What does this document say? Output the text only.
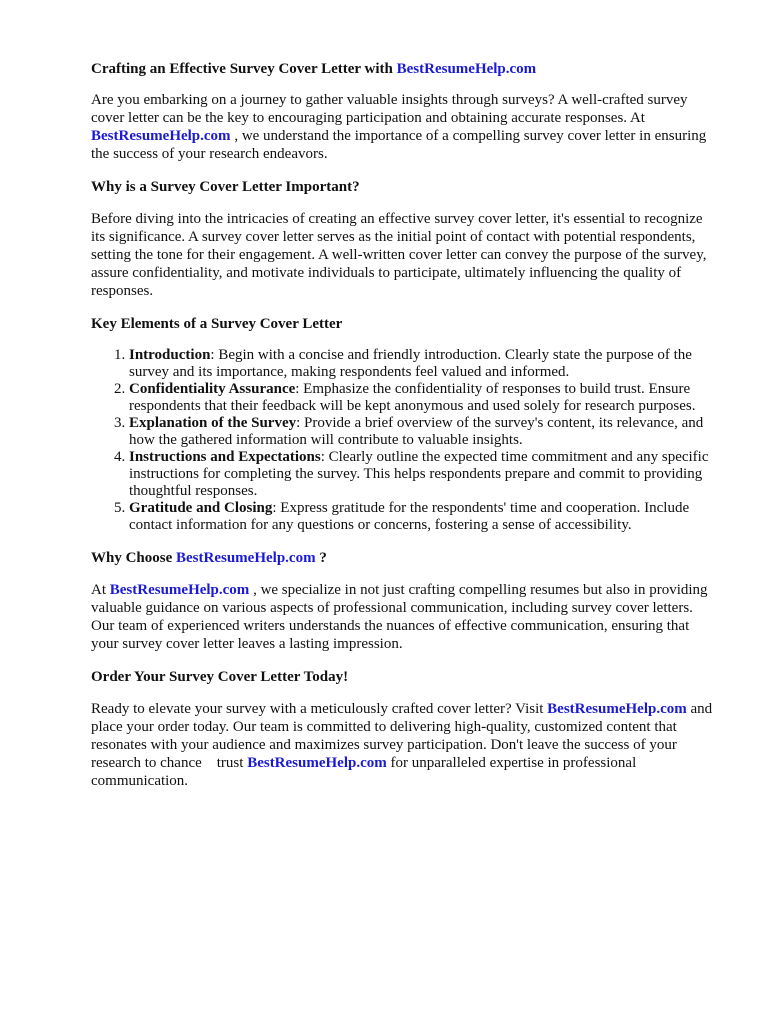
Crafting an Effective Survey Cover Letter with BestResumeHelp.com

Are you embarking on a journey to gather valuable insights through surveys? A well-crafted survey cover letter can be the key to encouraging participation and obtaining accurate responses. At BestResumeHelp.com , we understand the importance of a compelling survey cover letter in ensuring the success of your research endeavors.

Why is a Survey Cover Letter Important?

Before diving into the intricacies of creating an effective survey cover letter, it's essential to recognize its significance. A survey cover letter serves as the initial point of contact with potential respondents, setting the tone for their engagement. A well-written cover letter can convey the purpose of the survey, assure confidentiality, and motivate individuals to participate, ultimately influencing the quality of responses.

Key Elements of a Survey Cover Letter
1. Introduction: Begin with a concise and friendly introduction. Clearly state the purpose of the survey and its importance, making respondents feel valued and informed.
2. Confidentiality Assurance: Emphasize the confidentiality of responses to build trust. Ensure respondents that their feedback will be kept anonymous and used solely for research purposes.
3. Explanation of the Survey: Provide a brief overview of the survey's content, its relevance, and how the gathered information will contribute to valuable insights.
4. Instructions and Expectations: Clearly outline the expected time commitment and any specific instructions for completing the survey. This helps respondents prepare and commit to providing thoughtful responses.
5. Gratitude and Closing: Express gratitude for the respondents' time and cooperation. Include contact information for any questions or concerns, fostering a sense of accessibility.
Why Choose BestResumeHelp.com ?

At BestResumeHelp.com , we specialize in not just crafting compelling resumes but also in providing valuable guidance on various aspects of professional communication, including survey cover letters. Our team of experienced writers understands the nuances of effective communication, ensuring that your survey cover letter leaves a lasting impression.

Order Your Survey Cover Letter Today!

Ready to elevate your survey with a meticulously crafted cover letter? Visit BestResumeHelp.com and place your order today. Our team is committed to delivering high-quality, customized content that resonates with your audience and maximizes survey participation. Don't leave the success of your research to chance    trust BestResumeHelp.com for unparalleled expertise in professional communication.
